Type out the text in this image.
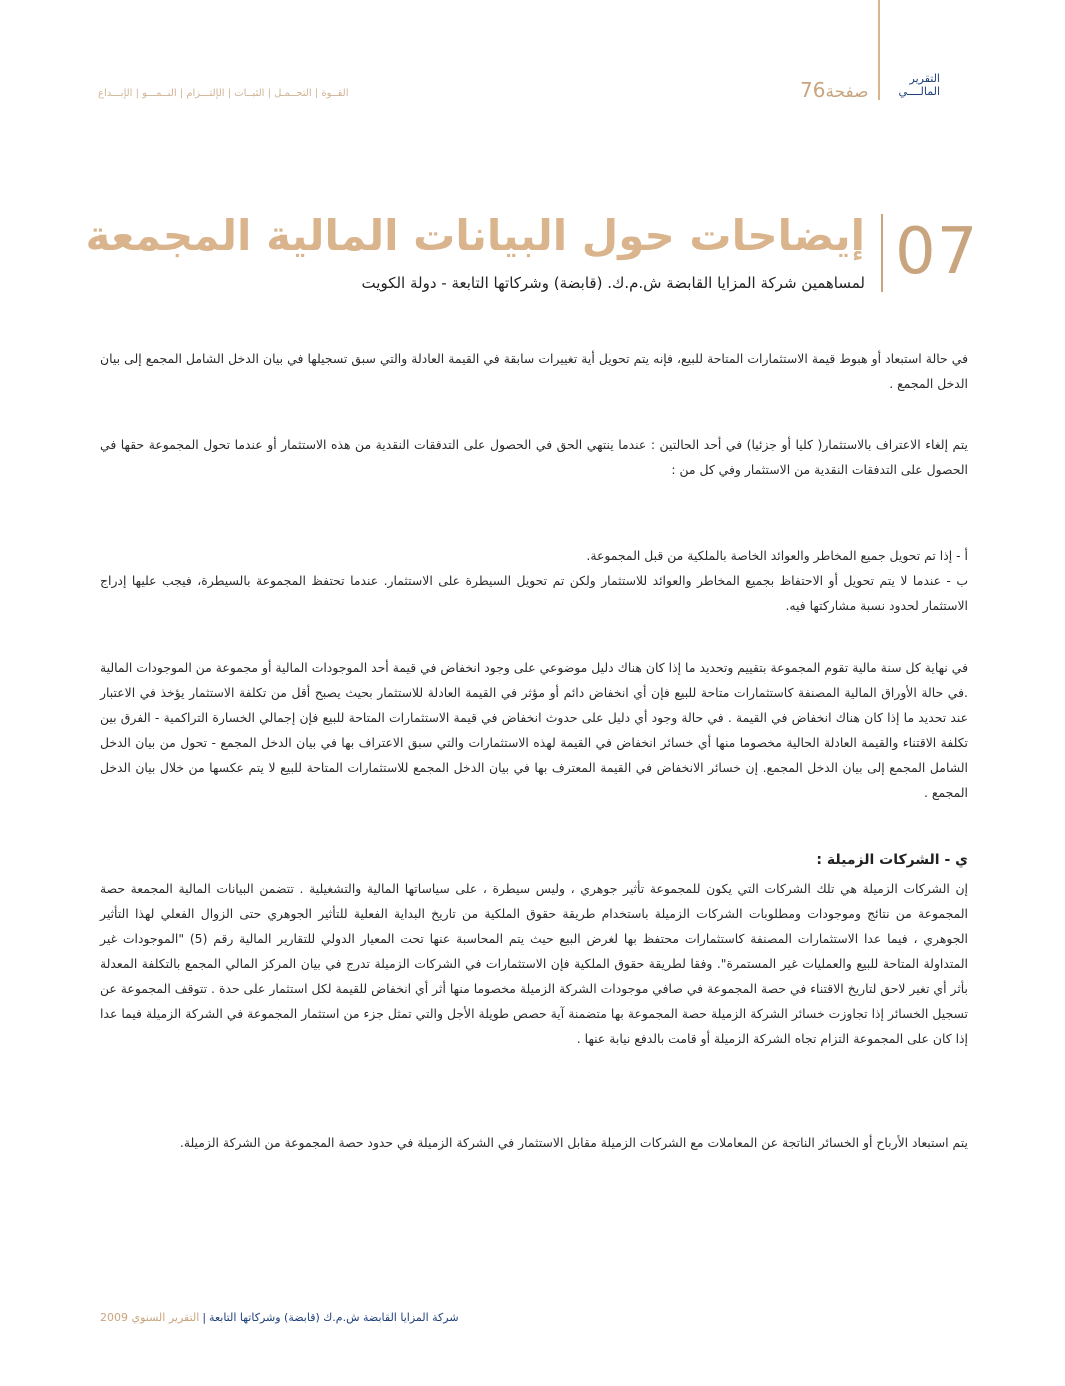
التقرير
المالــــي
صفحة76
القــوة | التحــمـل | الثبــات | الإلتـــزام | النــمـــو | الإبـــداع
07
إيضاحات حول البيانات المالية المجمعة
لمساهمين شركة المزايا القابضة ش.م.ك. (قابضة) وشركاتها التابعة - دولة الكويت
في حالة استبعاد أو هبوط قيمة الاستثمارات المتاحة للبيع، فإنه يتم تحويل أية تغييرات سابقة في القيمة العادلة والتي سبق تسجيلها في بيان الدخل الشامل المجمع إلى بيان الدخل المجمع .
يتم إلغاء الاعتراف بالاستثمار( كليا أو جزئيا) في أحد الحالتين : عندما ينتهي الحق في الحصول على التدفقات النقدية من هذه الاستثمار أو عندما تحول المجموعة حقها في الحصول على التدفقات النقدية من الاستثمار وفي كل من :
أ - إذا تم تحويل جميع المخاطر والعوائد الخاصة بالملكية من قبل المجموعة.
ب - عندما لا يتم تحويل أو الاحتفاظ بجميع المخاطر والعوائد للاستثمار ولكن تم تحويل السيطرة على الاستثمار. عندما تحتفظ المجموعة بالسيطرة، فيجب عليها إدراج الاستثمار لحدود نسبة مشاركتها فيه.
في نهاية كل سنة مالية تقوم المجموعة بتقييم وتحديد ما إذا كان هناك دليل موضوعي على وجود انخفاض في قيمة أحد الموجودات المالية أو مجموعة من الموجودات المالية .في حالة الأوراق المالية المصنفة كاستثمارات متاحة للبيع فإن أي انخفاض دائم أو مؤثر في القيمة العادلة للاستثمار بحيث يصبح أقل من تكلفة الاستثمار يؤخذ في الاعتبار عند تحديد ما إذا كان هناك انخفاض في القيمة . في حالة وجود أي دليل على حدوث انخفاض في قيمة الاستثمارات المتاحة للبيع فإن إجمالي الخسارة التراكمية - الفرق بين تكلفة الاقتناء والقيمة العادلة الحالية مخصوما منها أي خسائر انخفاض في القيمة لهذه الاستثمارات والتي سبق الاعتراف بها في بيان الدخل المجمع - تحول من بيان الدخل الشامل المجمع إلى بيان الدخل المجمع. إن خسائر الانخفاض في القيمة المعترف بها في بيان الدخل المجمع للاستثمارات المتاحة للبيع لا يتم عكسها من خلال بيان الدخل المجمع .
ي - الشركات الزميلة :
إن الشركات الزميلة هي تلك الشركات التي يكون للمجموعة تأثير جوهري ، وليس سيطرة ، على سياساتها المالية والتشغيلية . تتضمن البيانات المالية المجمعة حصة المجموعة من نتائج وموجودات ومطلوبات الشركات الزميلة باستخدام طريقة حقوق الملكية من تاريخ البداية الفعلية للتأثير الجوهري حتى الزوال الفعلي لهذا التأثير الجوهري ، فيما عدا الاستثمارات المصنفة كاستثمارات محتفظ بها لغرض البيع حيث يتم المحاسبة عنها تحت المعيار الدولي للتقارير المالية رقم (5) "الموجودات غير المتداولة المتاحة للبيع والعمليات غير المستمرة". وفقا لطريقة حقوق الملكية فإن الاستثمارات في الشركات الزميلة تدرج في بيان المركز المالي المجمع بالتكلفة المعدلة بأثر أي تغير لاحق لتاريخ الاقتناء في حصة المجموعة في صافي موجودات الشركة الزميلة مخصوما منها أثر أي انخفاض للقيمة لكل استثمار على حدة . تتوقف المجموعة عن تسجيل الخسائر إذا تجاوزت خسائر الشركة الزميلة حصة المجموعة بها متضمنة آية حصص طويلة الأجل والتي تمثل جزء من استثمار المجموعة في الشركة الزميلة فيما عدا إذا كان على المجموعة التزام تجاه الشركة الزميلة أو قامت بالدفع نيابة عنها .
يتم استبعاد الأرباح أو الخسائر الناتجة عن المعاملات مع الشركات الزميلة مقابل الاستثمار في الشركة الزميلة في حدود حصة المجموعة من الشركة الزميلة.
شركة المزايا القابضة ش.م.ك (قابضة) وشركاتها التابعة|التقرير السنوي 2009
